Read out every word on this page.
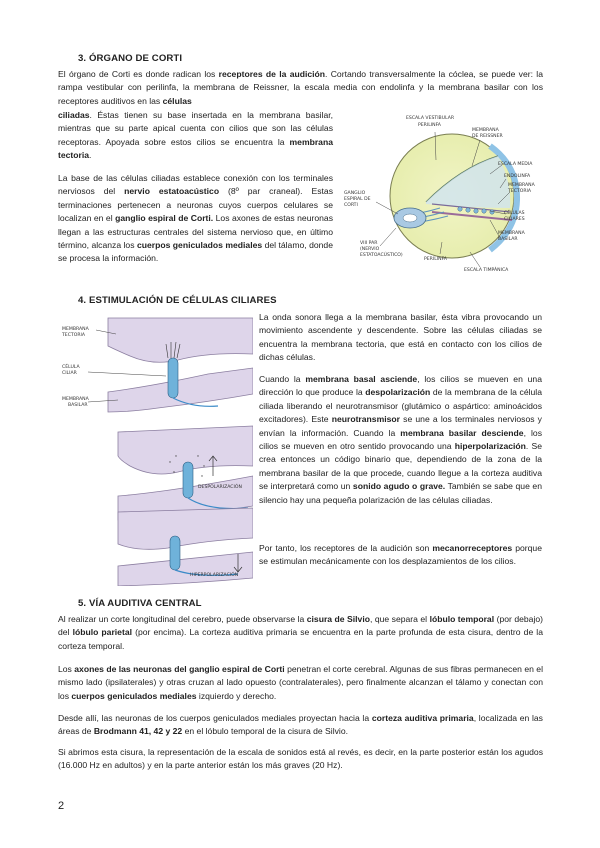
3. ÓRGANO DE CORTI
El órgano de Corti es donde radican los receptores de la audición. Cortando transversalmente la cóclea, se puede ver: la rampa vestibular con perilinfa, la membrana de Reissner, la escala media con endolinfa y la membrana basilar con los receptores auditivos en las células
ciliadas. Éstas tienen su base insertada en la membrana basilar, mientras que su parte apical cuenta con cilios que son las células receptoras. Apoyada sobre estos cilios se encuentra la membrana tectoria.
La base de las células ciliadas establece conexión con los terminales nerviosos del nervio estatoacústico (8º par craneal). Estas terminaciones pertenecen a neuronas cuyos cuerpos celulares se localizan en el ganglio espiral de Corti. Los axones de estas neuronas llegan a las estructuras centrales del sistema nervioso que, en último término, alcanza los cuerpos geniculados mediales del tálamo, donde se procesa la información.
ESCALA VESTIBULAR
PERILINFA
MEMBRANA
DE REISSNER
ESCALA MEDIA
ENDOLINFA
MEMBRANA
TECTORIA
CÉLULAS
CILIARES
MEMBRANA
BASILAR
GANGLIO
ESPIRAL DE
CORTI
VIII PAR
(NERVIO
ESTATOACÚSTICO)
PERILINFA
ESCALA TIMPÁNICA
4. ESTIMULACIÓN DE CÉLULAS CILIARES
MEMBRANA
TECTORIA
CÉLULA
CILIAR
MEMBRANA
BASILAR
DESPOLARIZACIÓN
HIPERPOLARIZACIÓN
La onda sonora llega a la membrana basilar, ésta vibra provocando un movimiento ascendente y descendente. Sobre las células ciliadas se encuentra la membrana tectoria, que está en contacto con los cilios de dichas células.
Cuando la membrana basal asciende, los cilios se mueven en una dirección lo que produce la despolarización de la membrana de la célula ciliada liberando el neurotransmisor (glutámico o aspártico: aminoácidos excitadores). Este neurotransmisor se une a los terminales nerviosos y envían la información. Cuando la membrana basilar desciende, los cilios se mueven en otro sentido provocando una hiperpolarización. Se crea entonces un código binario que, dependiendo de la zona de la membrana basilar de la que procede, cuando llegue a la corteza auditiva se interpretará como un sonido agudo o grave. También se sabe que en silencio hay una pequeña polarización de las células ciliadas.
Por tanto, los receptores de la audición son mecanorreceptores porque se estimulan mecánicamente con los desplazamientos de los cilios.
5. VÍA AUDITIVA CENTRAL
Al realizar un corte longitudinal del cerebro, puede observarse la cisura de Silvio, que separa el lóbulo temporal (por debajo) del lóbulo parietal (por encima). La corteza auditiva primaria se encuentra en la parte profunda de esta cisura, dentro de la corteza temporal.
Los axones de las neuronas del ganglio espiral de Corti penetran el corte cerebral. Algunas de sus fibras permanecen en el mismo lado (ipsilaterales) y otras cruzan al lado opuesto (contralaterales), pero finalmente alcanzan el tálamo y conectan con los cuerpos geniculados mediales izquierdo y derecho.
Desde allí, las neuronas de los cuerpos geniculados mediales proyectan hacia la corteza auditiva primaria, localizada en las áreas de Brodmann 41, 42 y 22 en el lóbulo temporal de la cisura de Silvio.
Si abrimos esta cisura, la representación de la escala de sonidos está al revés, es decir, en la parte posterior están los agudos (16.000 Hz en adultos) y en la parte anterior están los más graves (20 Hz).
2
